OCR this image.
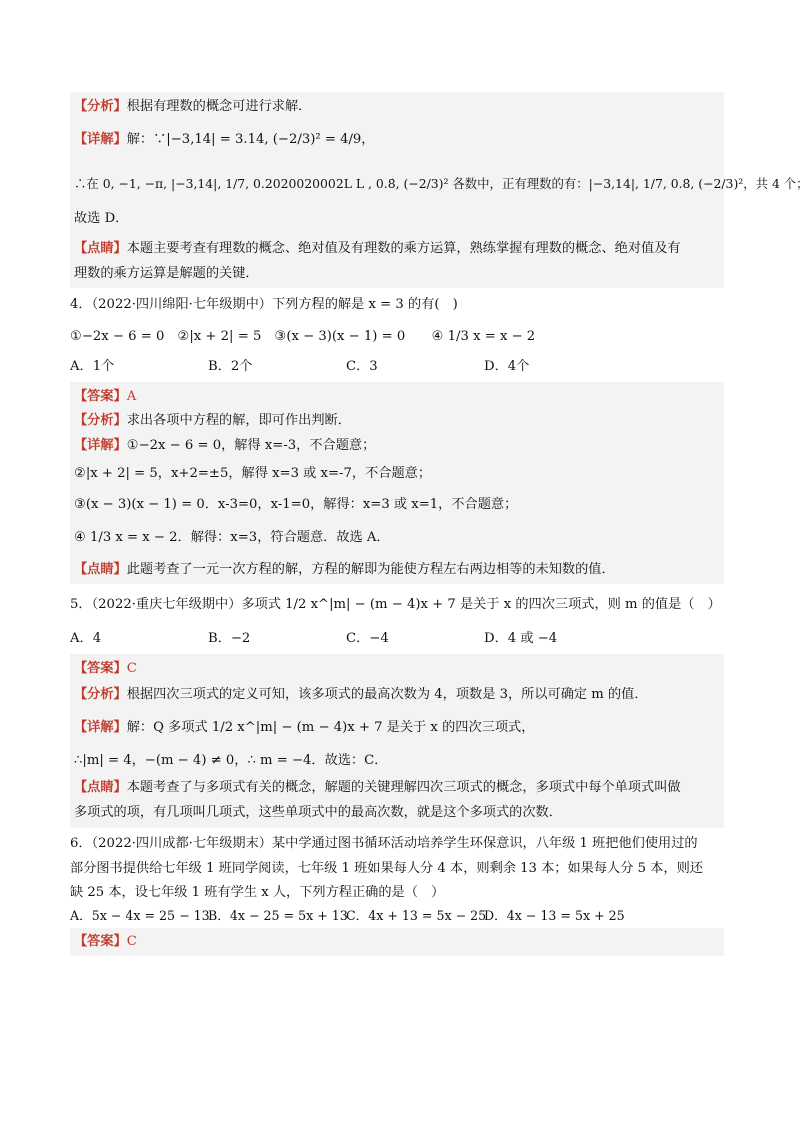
【分析】根据有理数的概念可进行求解．
【详解】解：∵|−3,14| = 3.14, (−2/3)² = 4/9，
∴在 0, −1, −π, |−3,14|, 1/7, 0.2020020002L L , 0.8̇, (−2/3)² 各数中，正有理数的有：|−3,14|, 1/7, 0.8̇, (−2/3)²，共 4 个；
故选 D．
【点睛】本题主要考查有理数的概念、绝对值及有理数的乘方运算，熟练掌握有理数的概念、绝对值及有
理数的乘方运算是解题的关键．
4．（2022·四川绵阳·七年级期中）下列方程的解是 x = 3 的有(　)
①−2x − 6 = 0　②|x + 2| = 5　③(x − 3)(x − 1) = 0　　④ 1/3 x = x − 2
A．1个	B．2个	C．3	D．4个
【答案】A
【分析】求出各项中方程的解，即可作出判断．
【详解】①−2x − 6 = 0，解得 x=-3，不合题意；
②|x + 2| = 5，x+2=±5，解得 x=3 或 x=-7，不合题意；
③(x − 3)(x − 1) = 0．x-3=0，x-1=0，解得：x=3 或 x=1，不合题意；
④ 1/3 x = x − 2．解得：x=3，符合题意．故选 A．
【点睛】此题考查了一元一次方程的解，方程的解即为能使方程左右两边相等的未知数的值．
5．（2022·重庆七年级期中）多项式 1/2 x^|m| − (m − 4)x + 7 是关于 x 的四次三项式，则 m 的值是（　）
A．4	B．−2	C．−4	D．4 或 −4
【答案】C
【分析】根据四次三项式的定义可知，该多项式的最高次数为 4，项数是 3，所以可确定 m 的值．
【详解】解：Q 多项式 1/2 x^|m| − (m − 4)x + 7 是关于 x 的四次三项式，
∴|m| = 4，−(m − 4) ≠ 0，∴ m = −4．故选：C．
【点睛】本题考查了与多项式有关的概念，解题的关键理解四次三项式的概念，多项式中每个单项式叫做
多项式的项，有几项叫几项式，这些单项式中的最高次数，就是这个多项式的次数．
6．（2022·四川成都·七年级期末）某中学通过图书循环活动培养学生环保意识，八年级 1 班把他们使用过的
部分图书提供给七年级 1 班同学阅读，七年级 1 班如果每人分 4 本，则剩余 13 本；如果每人分 5 本，则还
缺 25 本，设七年级 1 班有学生 x 人，下列方程正确的是（　）
A．5x − 4x = 25 − 13
B．4x − 25 = 5x + 13
C．4x + 13 = 5x − 25
D．4x − 13 = 5x + 25
【答案】C
